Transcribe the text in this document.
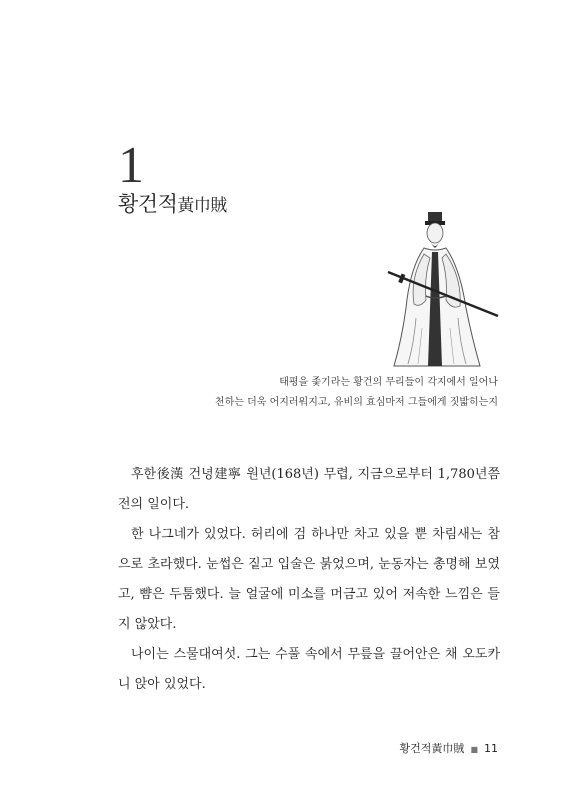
1
황건적黃巾賊
태평을 좇기라는 황건의 무리들이 각지에서 일어나
천하는 더욱 어지러워지고, 유비의 효심마저 그들에게 짓밟히는지

후한後漢 건녕建寧 원년(168년) 무렵, 지금으로부터 1,780년쯤 전의 일이다.

한 나그네가 있었다. 허리에 검 하나만 차고 있을 뿐 차림새는 참으로 초라했다. 눈썹은 짙고 입술은 붉었으며, 눈동자는 총명해 보였고, 뺨은 두툼했다. 늘 얼굴에 미소를 머금고 있어 저속한 느낌은 들지 않았다.

나이는 스물대여섯. 그는 수풀 속에서 무릎을 끌어안은 채 오도카니 앉아 있었다.

황건적黃巾賊 ■ 11
